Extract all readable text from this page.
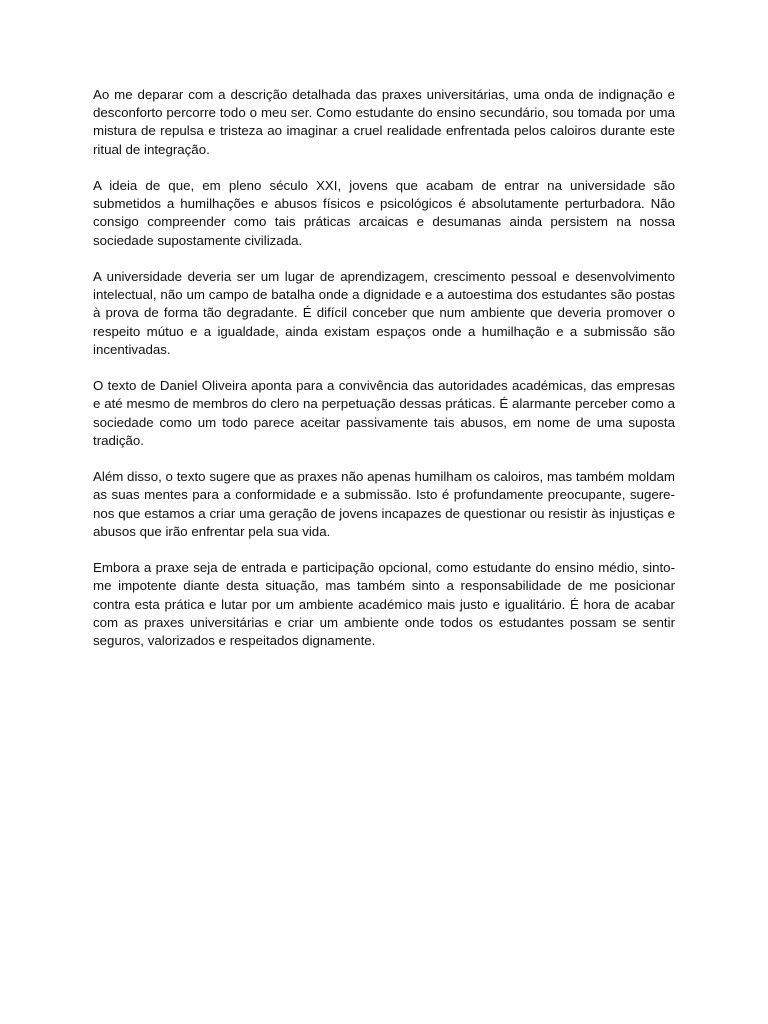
Ao me deparar com a descrição detalhada das praxes universitárias, uma onda de indignação e desconforto percorre todo o meu ser. Como estudante do ensino secundário, sou tomada por uma mistura de repulsa e tristeza ao imaginar a cruel realidade enfrentada pelos caloiros durante este ritual de integração.

A ideia de que, em pleno século XXI, jovens que acabam de entrar na universidade são submetidos a humilhações e abusos físicos e psicológicos é absolutamente perturbadora. Não consigo compreender como tais práticas arcaicas e desumanas ainda persistem na nossa sociedade supostamente civilizada.

A universidade deveria ser um lugar de aprendizagem, crescimento pessoal e desenvolvimento intelectual, não um campo de batalha onde a dignidade e a autoestima dos estudantes são postas à prova de forma tão degradante. É difícil conceber que num ambiente que deveria promover o respeito mútuo e a igualdade, ainda existam espaços onde a humilhação e a submissão são incentivadas.

O texto de Daniel Oliveira aponta para a convivência das autoridades académicas, das empresas e até mesmo de membros do clero na perpetuação dessas práticas. É alarmante perceber como a sociedade como um todo parece aceitar passivamente tais abusos, em nome de uma suposta tradição.

Além disso, o texto sugere que as praxes não apenas humilham os caloiros, mas também moldam as suas mentes para a conformidade e a submissão. Isto é profundamente preocupante, sugere-nos que estamos a criar uma geração de jovens incapazes de questionar ou resistir às injustiças e abusos que irão enfrentar pela sua vida.

Embora a praxe seja de entrada e participação opcional, como estudante do ensino médio, sinto-me impotente diante desta situação, mas também sinto a responsabilidade de me posicionar contra esta prática e lutar por um ambiente académico mais justo e igualitário. É hora de acabar com as praxes universitárias e criar um ambiente onde todos os estudantes possam se sentir seguros, valorizados e respeitados dignamente.
